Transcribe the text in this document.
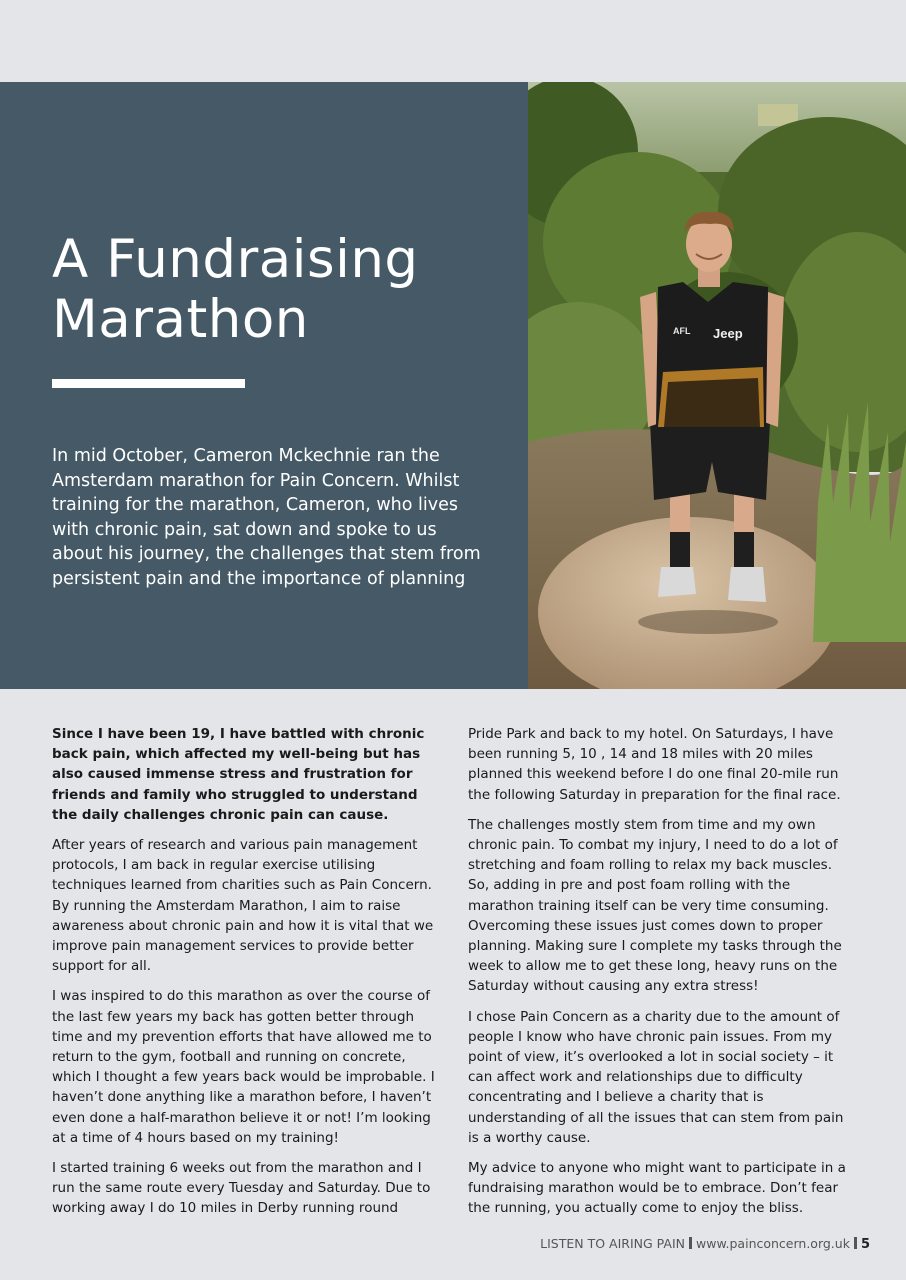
A Fundraising
Marathon

In mid October, Cameron Mckechnie ran the Amsterdam marathon for Pain Concern. Whilst training for the marathon, Cameron, who lives with chronic pain, sat down and spoke to us about his journey, the challenges that stem from persistent pain and the importance of planning

AFL Jeep

Since I have been 19, I have battled with chronic back pain, which affected my well-being but has also caused immense stress and frustration for friends and family who struggled to understand the daily challenges chronic pain can cause.

After years of research and various pain management protocols, I am back in regular exercise utilising techniques learned from charities such as Pain Concern. By running the Amsterdam Marathon, I aim to raise awareness about chronic pain and how it is vital that we improve pain management services to provide better support for all.

I was inspired to do this marathon as over the course of the last few years my back has gotten better through time and my prevention efforts that have allowed me to return to the gym, football and running on concrete, which I thought a few years back would be improbable. I haven’t done anything like a marathon before, I haven’t even done a half-marathon believe it or not! I’m looking at a time of 4 hours based on my training!

I started training 6 weeks out from the marathon and I run the same route every Tuesday and Saturday. Due to working away I do 10 miles in Derby running round

Pride Park and back to my hotel. On Saturdays, I have been running 5, 10 , 14 and 18 miles with 20 miles planned this weekend before I do one final 20-mile run the following Saturday in preparation for the final race.

The challenges mostly stem from time and my own chronic pain. To combat my injury, I need to do a lot of stretching and foam rolling to relax my back muscles. So, adding in pre and post foam rolling with the marathon training itself can be very time consuming. Overcoming these issues just comes down to proper planning. Making sure I complete my tasks through the week to allow me to get these long, heavy runs on the Saturday without causing any extra stress!

I chose Pain Concern as a charity due to the amount of people I know who have chronic pain issues. From my point of view, it’s overlooked a lot in social society – it can affect work and relationships due to difficulty concentrating and I believe a charity that is understanding of all the issues that can stem from pain is a worthy cause.

My advice to anyone who might want to participate in a fundraising marathon would be to embrace. Don’t fear the running, you actually come to enjoy the bliss.

LISTEN TO AIRING PAIN www.painconcern.org.uk 5
